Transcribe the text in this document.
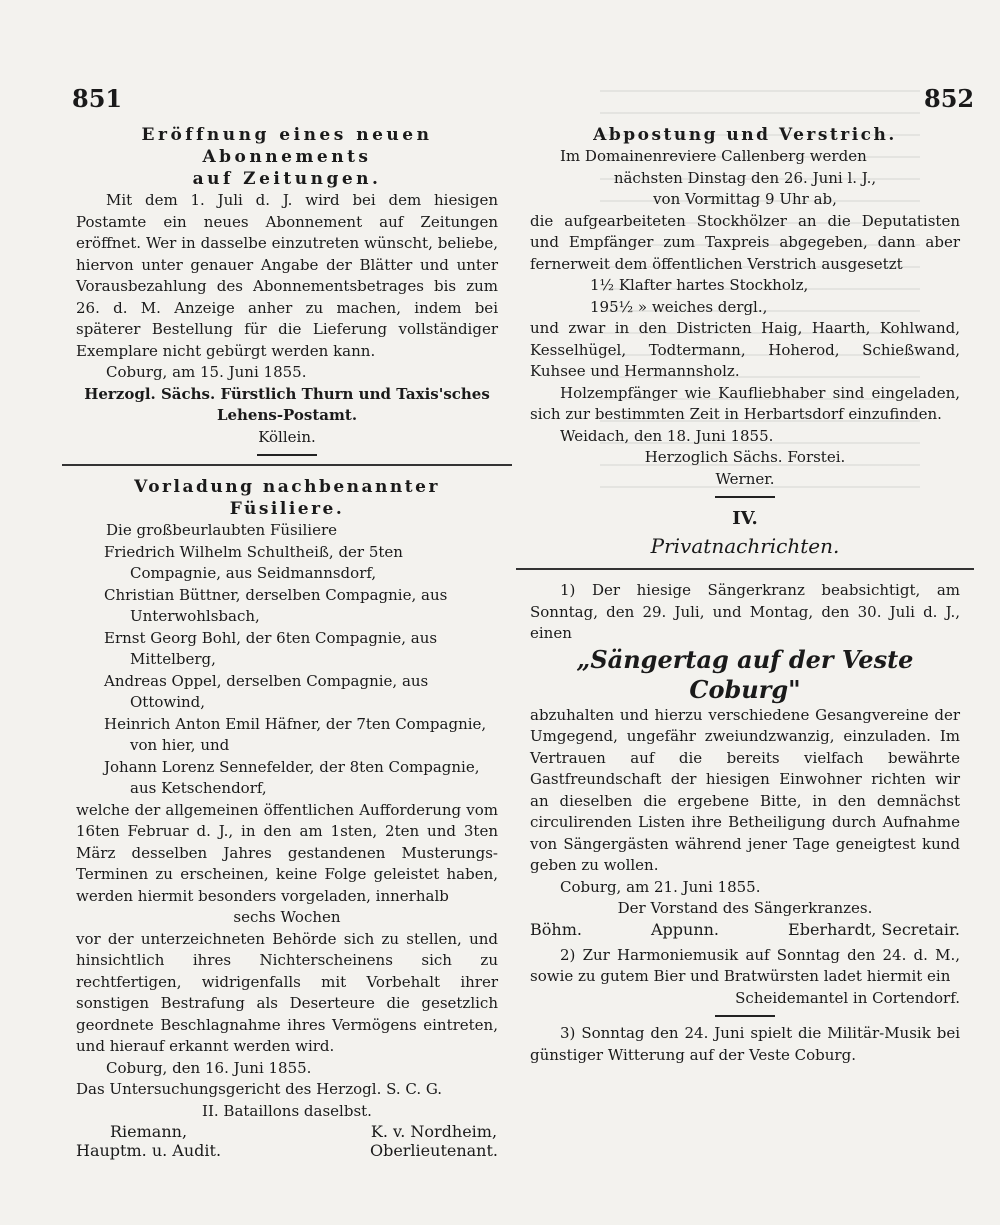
851	852

Eröffnung eines neuen Abonnements

auf Zeitungen.

Mit dem 1. Juli d. J. wird bei dem hiesigen Postamte ein neues Abonnement auf Zeitungen eröffnet. Wer in dasselbe einzutreten wünscht, beliebe, hiervon unter genauer Angabe der Blätter und unter Vorausbezahlung des Abonnementsbetrages bis zum 26. d. M. Anzeige anher zu machen, indem bei späterer Bestellung für die Lieferung vollständiger Exemplare nicht gebürgt werden kann.

Coburg, am 15. Juni 1855.

Herzogl. Sächs. Fürstlich Thurn und Taxis'sches

Lehens-Postamt.

Köllein.

Vorladung nachbenannter Füsiliere.

Die großbeurlaubten Füsiliere

Friedrich Wilhelm Schultheiß, der 5ten Compagnie, aus Seidmannsdorf,

Christian Büttner, derselben Compagnie, aus Unterwohlsbach,

Ernst Georg Bohl, der 6ten Compagnie, aus Mittelberg,

Andreas Oppel, derselben Compagnie, aus Ottowind,

Heinrich Anton Emil Häfner, der 7ten Compagnie, von hier, und

Johann Lorenz Sennefelder, der 8ten Compagnie, aus Ketschendorf,

welche der allgemeinen öffentlichen Aufforderung vom 16ten Februar d. J., in den am 1sten, 2ten und 3ten März desselben Jahres gestandenen Musterungs-Terminen zu erscheinen, keine Folge geleistet haben, werden hiermit besonders vorgeladen, innerhalb

sechs Wochen

vor der unterzeichneten Behörde sich zu stellen, und hinsichtlich ihres Nichterscheinens sich zu rechtfertigen, widrigenfalls mit Vorbehalt ihrer sonstigen Bestrafung als Deserteure die gesetzlich geordnete Beschlagnahme ihres Vermögens eintreten, und hierauf erkannt werden wird.

Coburg, den 16. Juni 1855.

Das Untersuchungsgericht des Herzogl. S. C. G.

II. Bataillons daselbst.

Riemann,
Hauptm. u. Audit.
K. v. Nordheim,
Oberlieutenant.

Abpostung und Verstrich.

Im Domainenreviere Callenberg werden

nächsten Dinstag den 26. Juni l. J.,

von Vormittag 9 Uhr ab,

die aufgearbeiteten Stockhölzer an die Deputatisten und Empfänger zum Taxpreis abgegeben, dann aber fernerweit dem öffentlichen Verstrich ausgesetzt

1½ Klafter hartes Stockholz,

195½ » weiches dergl.,

und zwar in den Districten Haig, Haarth, Kohlwand, Kesselhügel, Todtermann, Hoherod, Schießwand, Kuhsee und Hermannsholz.

Holzempfänger wie Kaufliebhaber sind eingeladen, sich zur bestimmten Zeit in Herbartsdorf einzufinden.

Weidach, den 18. Juni 1855.

Herzoglich Sächs. Forstei.

Werner.

IV.

Privatnachrichten.

1) Der hiesige Sängerkranz beabsichtigt, am Sonntag, den 29. Juli, und Montag, den 30. Juli d. J., einen

„Sängertag auf der Veste Coburg"

abzuhalten und hierzu verschiedene Gesangvereine der Umgegend, ungefähr zweiundzwanzig, einzuladen. Im Vertrauen auf die bereits vielfach bewährte Gastfreundschaft der hiesigen Einwohner richten wir an dieselben die ergebene Bitte, in den demnächst circulirenden Listen ihre Betheiligung durch Aufnahme von Sängergästen während jener Tage geneigtest kund geben zu wollen.

Coburg, am 21. Juni 1855.

Der Vorstand des Sängerkranzes.

Böhm.	Appunn.	Eberhardt, Secretair.

2) Zur Harmoniemusik auf Sonntag den 24. d. M., sowie zu gutem Bier und Bratwürsten ladet hiermit ein

Scheidemantel in Cortendorf.

3) Sonntag den 24. Juni spielt die Militär-Musik bei günstiger Witterung auf der Veste Coburg.
